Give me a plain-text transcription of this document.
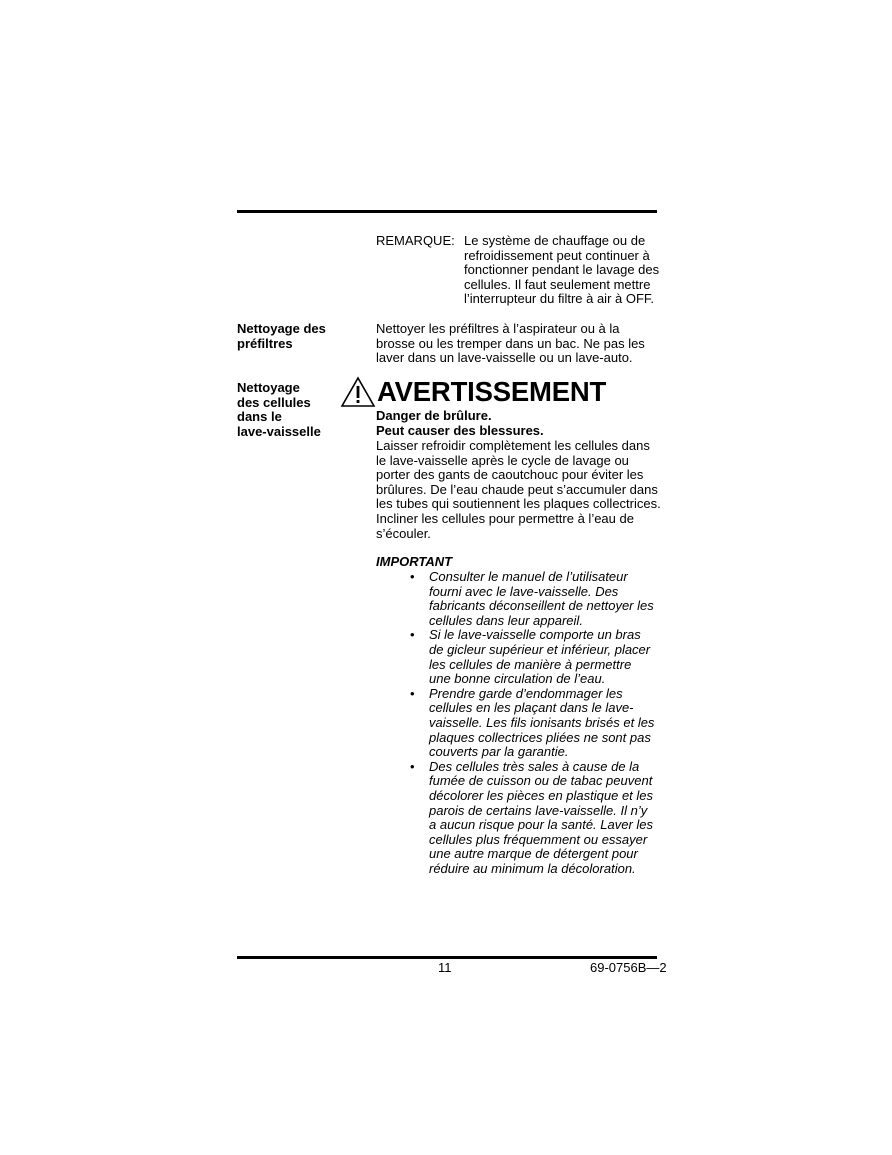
REMARQUE: Le système de chauffage ou de
refroidissement peut continuer à
fonctionner pendant le lavage des
cellules. Il faut seulement mettre
l’interrupteur du filtre à air à OFF.
Nettoyage des
préfiltres
Nettoyer les préfiltres à l’aspirateur ou à la
brosse ou les tremper dans un bac. Ne pas les
laver dans un lave-vaisselle ou un lave-auto.
Nettoyage
des cellules
dans le
lave-vaisselle
AVERTISSEMENT
Danger de brûlure.
Peut causer des blessures.
Laisser refroidir complètement les cellules dans
le lave-vaisselle après le cycle de lavage ou
porter des gants de caoutchouc pour éviter les
brûlures. De l’eau chaude peut s’accumuler dans
les tubes qui soutiennent les plaques collectrices.
Incliner les cellules pour permettre à l’eau de
s’écouler.
IMPORTANT
• Consulter le manuel de l’utilisateur
fourni avec le lave-vaisselle. Des
fabricants déconseillent de nettoyer les
cellules dans leur appareil.
• Si le lave-vaisselle comporte un bras
de gicleur supérieur et inférieur, placer
les cellules de manière à permettre
une bonne circulation de l’eau.
• Prendre garde d’endommager les
cellules en les plaçant dans le lave-
vaisselle. Les fils ionisants brisés et les
plaques collectrices pliées ne sont pas
couverts par la garantie.
• Des cellules très sales à cause de la
fumée de cuisson ou de tabac peuvent
décolorer les pièces en plastique et les
parois de certains lave-vaisselle. Il n’y
a aucun risque pour la santé. Laver les
cellules plus fréquemment ou essayer
une autre marque de détergent pour
réduire au minimum la décoloration.
11	69-0756B—2
